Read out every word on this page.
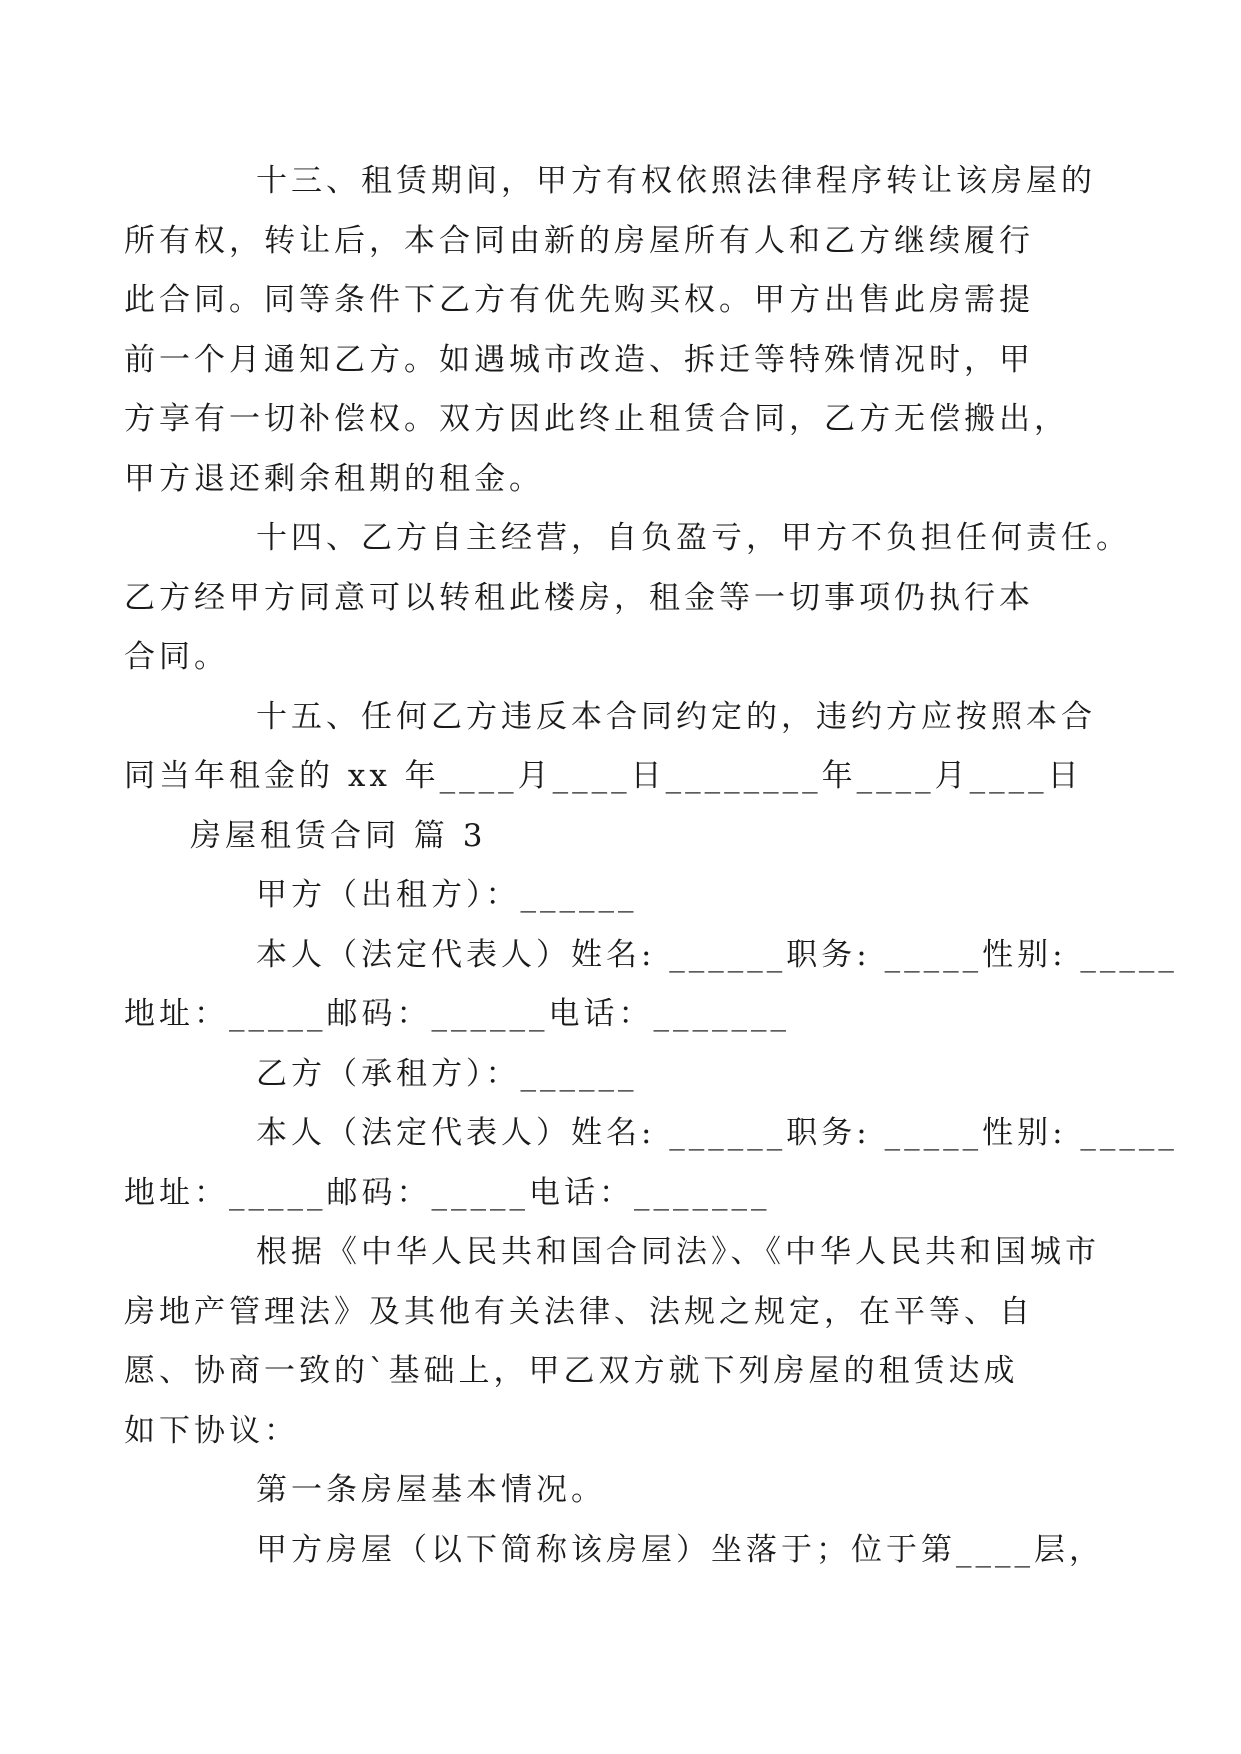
十三、租赁期间，甲方有权依照法律程序转让该房屋的
所有权，转让后，本合同由新的房屋所有人和乙方继续履行
此合同。同等条件下乙方有优先购买权。甲方出售此房需提
前一个月通知乙方。如遇城市改造、拆迁等特殊情况时，甲
方享有一切补偿权。双方因此终止租赁合同，乙方无偿搬出，
甲方退还剩余租期的租金。
十四、乙方自主经营，自负盈亏，甲方不负担任何责任。
乙方经甲方同意可以转租此楼房，租金等一切事项仍执行本
合同。
十五、任何乙方违反本合同约定的，违约方应按照本合
同当年租金的 xx 年____月____日________年____月____日
房屋租赁合同 篇 3
甲方（出租方）：______
本人（法定代表人）姓名: ______职务: _____性别: _____
地址：_____邮码：______电话：_______
乙方（承租方）：______
本人（法定代表人）姓名: ______职务: _____性别: _____
地址：_____邮码：_____电话：_______
根据《中华人民共和国合同法》、《中华人民共和国城市
房地产管理法》及其他有关法律、法规之规定，在平等、自
愿、协商一致的`基础上，甲乙双方就下列房屋的租赁达成
如下协议：
第一条房屋基本情况。
甲方房屋（以下简称该房屋）坐落于；位于第____层，
